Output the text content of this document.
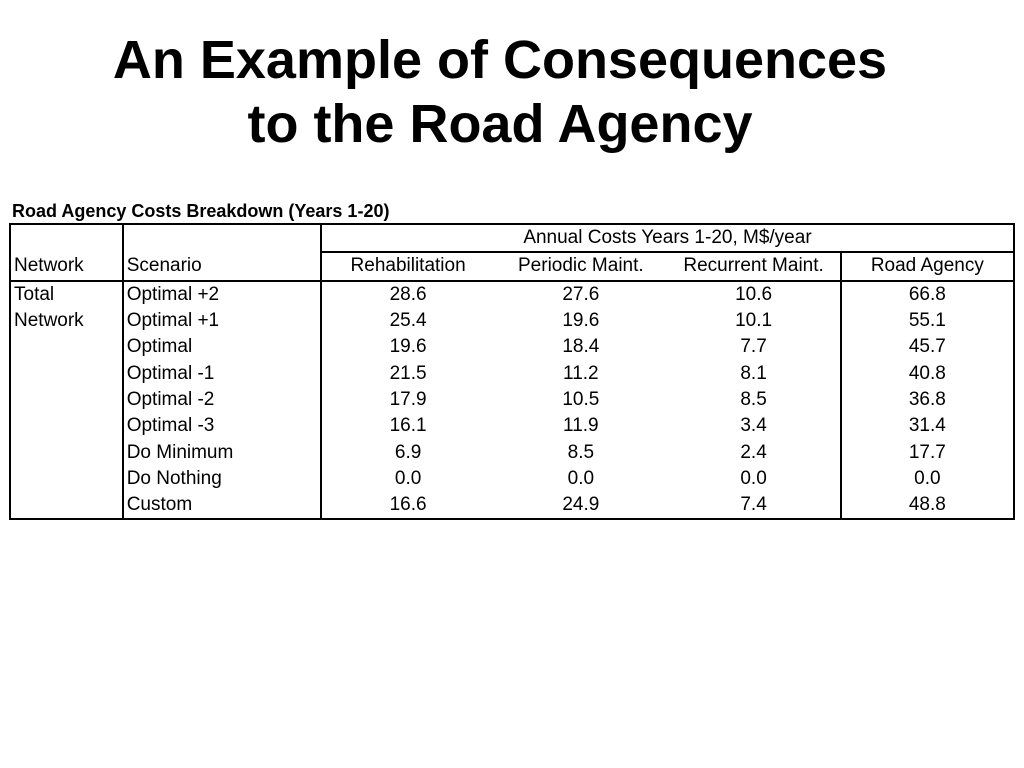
An Example of Consequences
to the Road Agency
Road Agency Costs Breakdown (Years 1-20)
		Annual Costs Years 1-20, M$/year			
Network	Scenario	Rehabilitation	Periodic Maint.	Recurrent Maint.	Road Agency
Total	Optimal +2	28.6	27.6	10.6	66.8
Network	Optimal +1	25.4	19.6	10.1	55.1
	Optimal	19.6	18.4	7.7	45.7
	Optimal -1	21.5	11.2	8.1	40.8
	Optimal -2	17.9	10.5	8.5	36.8
	Optimal -3	16.1	11.9	3.4	31.4
	Do Minimum	6.9	8.5	2.4	17.7
	Do Nothing	0.0	0.0	0.0	0.0
	Custom	16.6	24.9	7.4	48.8
